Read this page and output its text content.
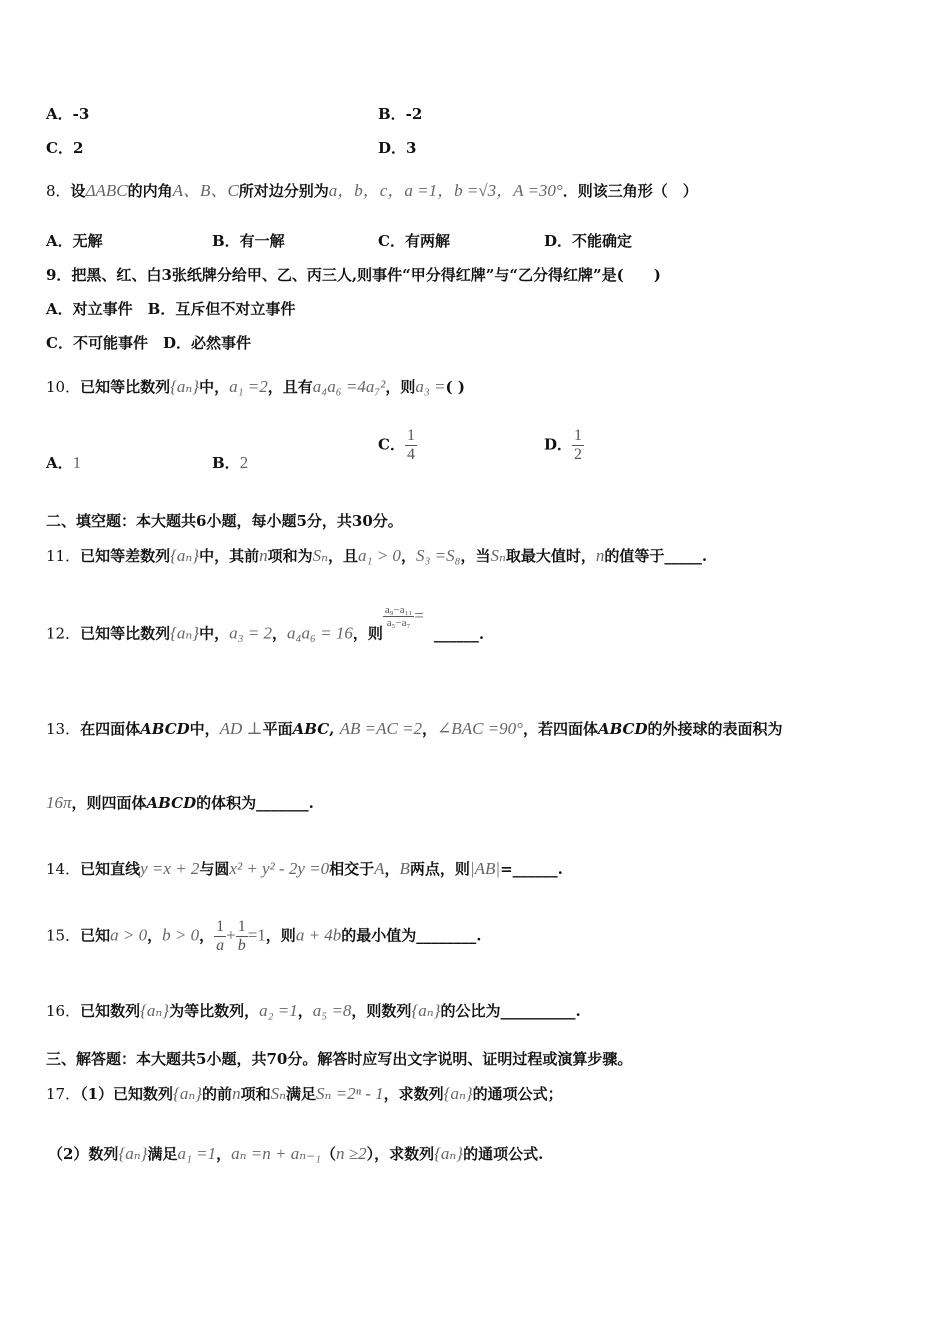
A．-3	B．-2
C．2	D．3
8．设ΔABC的内角A、B、C所对边分别为a，b，c，a =1，b =√3，A =30°．则该三角形（　）
A．无解	B．有一解	C．有两解	D．不能确定
9．把黑、红、白3张纸牌分给甲、乙、丙三人,则事件“甲分得红牌”与“乙分得红牌”是(　　)
A．对立事件　B．互斥但不对立事件
C．不可能事件　D．必然事件
10．已知等比数列{aₙ}中，a₁ =2，且有a₄a₆ =4a₇²，则a₃ =( )
A．1	B．2
C． $\frac{1}{4}$	D． $\frac{1}{2}$
二、填空题：本大题共6小题，每小题5分，共30分。
11．已知等差数列{aₙ}中，其前n项和为Sₙ，且a₁ > 0，S₃ =S₈，当Sₙ取最大值时，n的值等于_____.
12．已知等比数列{aₙ}中，a₃ = 2，a₄a₆ = 16，则
$\frac{\text{a₉−a₁₁}}{\text{a₅−a₇}}$ =______.
13．在四面体ABCD中，AD ⊥平面ABC, AB =AC =2，∠BAC =90°，若四面体ABCD的外接球的表面积为
16π，则四面体ABCD的体积为_______.
14．已知直线y =x + 2与圆x² + y² - 2y =0相交于A，B两点，则|AB|=______.
15．已知a > 0，b > 0， $\frac{1}{a} + \frac{1}{b} =1$，则a + 4b的最小值为________.
16．已知数列{aₙ}为等比数列，a₂ =1，a₅ =8，则数列{aₙ}的公比为__________.
三、解答题：本大题共5小题，共70分。解答时应写出文字说明、证明过程或演算步骤。
17．（1）已知数列{aₙ}的前n项和Sₙ满足Sₙ =2ⁿ - 1，求数列{aₙ}的通项公式；
（2）数列{aₙ}满足a₁ =1，aₙ =n + aₙ₋₁（n ≥2），求数列{aₙ}的通项公式.
